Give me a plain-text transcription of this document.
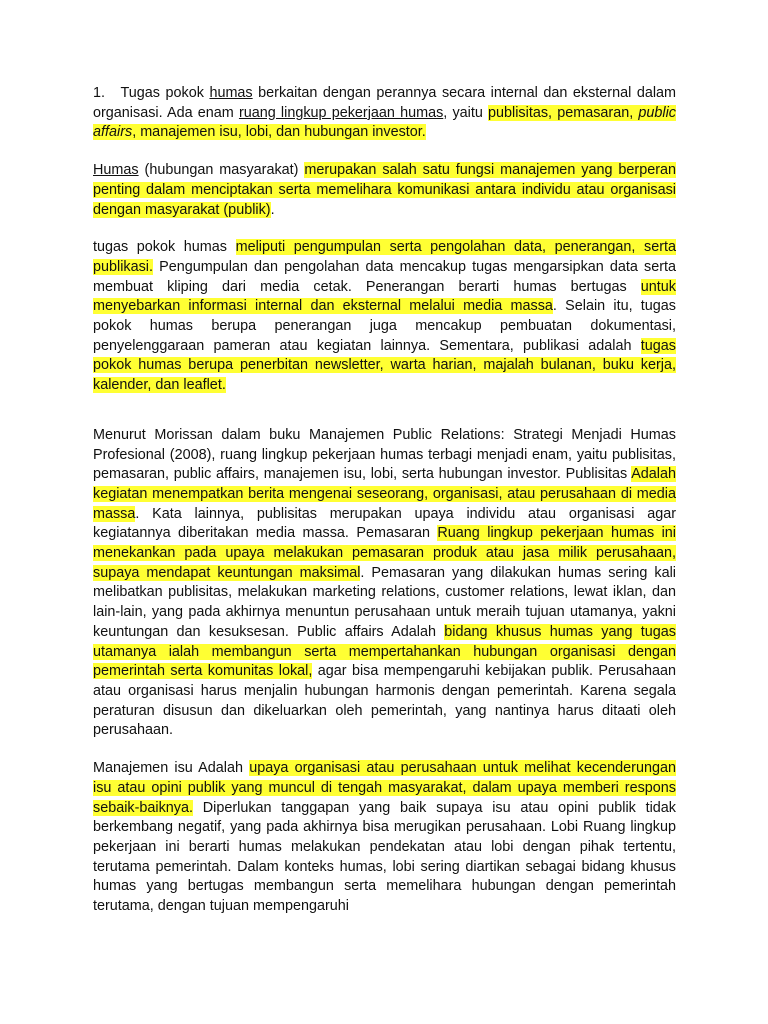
1. Tugas pokok humas berkaitan dengan perannya secara internal dan eksternal dalam organisasi. Ada enam ruang lingkup pekerjaan humas, yaitu publisitas, pemasaran, public affairs, manajemen isu, lobi, dan hubungan investor.

Humas (hubungan masyarakat) merupakan salah satu fungsi manajemen yang berperan penting dalam menciptakan serta memelihara komunikasi antara individu atau organisasi dengan masyarakat (publik).

tugas pokok humas meliputi pengumpulan serta pengolahan data, penerangan, serta publikasi. Pengumpulan dan pengolahan data mencakup tugas mengarsipkan data serta membuat kliping dari media cetak. Penerangan berarti humas bertugas untuk menyebarkan informasi internal dan eksternal melalui media massa. Selain itu, tugas pokok humas berupa penerangan juga mencakup pembuatan dokumentasi, penyelenggaraan pameran atau kegiatan lainnya. Sementara, publikasi adalah tugas pokok humas berupa penerbitan newsletter, warta harian, majalah bulanan, buku kerja, kalender, dan leaflet.

Menurut Morissan dalam buku Manajemen Public Relations: Strategi Menjadi Humas Profesional (2008), ruang lingkup pekerjaan humas terbagi menjadi enam, yaitu publisitas, pemasaran, public affairs, manajemen isu, lobi, serta hubungan investor. Publisitas Adalah kegiatan menempatkan berita mengenai seseorang, organisasi, atau perusahaan di media massa. Kata lainnya, publisitas merupakan upaya individu atau organisasi agar kegiatannya diberitakan media massa. Pemasaran Ruang lingkup pekerjaan humas ini menekankan pada upaya melakukan pemasaran produk atau jasa milik perusahaan, supaya mendapat keuntungan maksimal. Pemasaran yang dilakukan humas sering kali melibatkan publisitas, melakukan marketing relations, customer relations, lewat iklan, dan lain-lain, yang pada akhirnya menuntun perusahaan untuk meraih tujuan utamanya, yakni keuntungan dan kesuksesan. Public affairs Adalah bidang khusus humas yang tugas utamanya ialah membangun serta mempertahankan hubungan organisasi dengan pemerintah serta komunitas lokal, agar bisa mempengaruhi kebijakan publik. Perusahaan atau organisasi harus menjalin hubungan harmonis dengan pemerintah. Karena segala peraturan disusun dan dikeluarkan oleh pemerintah, yang nantinya harus ditaati oleh perusahaan.

Manajemen isu Adalah upaya organisasi atau perusahaan untuk melihat kecenderungan isu atau opini publik yang muncul di tengah masyarakat, dalam upaya memberi respons sebaik-baiknya. Diperlukan tanggapan yang baik supaya isu atau opini publik tidak berkembang negatif, yang pada akhirnya bisa merugikan perusahaan. Lobi Ruang lingkup pekerjaan ini berarti humas melakukan pendekatan atau lobi dengan pihak tertentu, terutama pemerintah. Dalam konteks humas, lobi sering diartikan sebagai bidang khusus humas yang bertugas membangun serta memelihara hubungan dengan pemerintah terutama, dengan tujuan mempengaruhi
